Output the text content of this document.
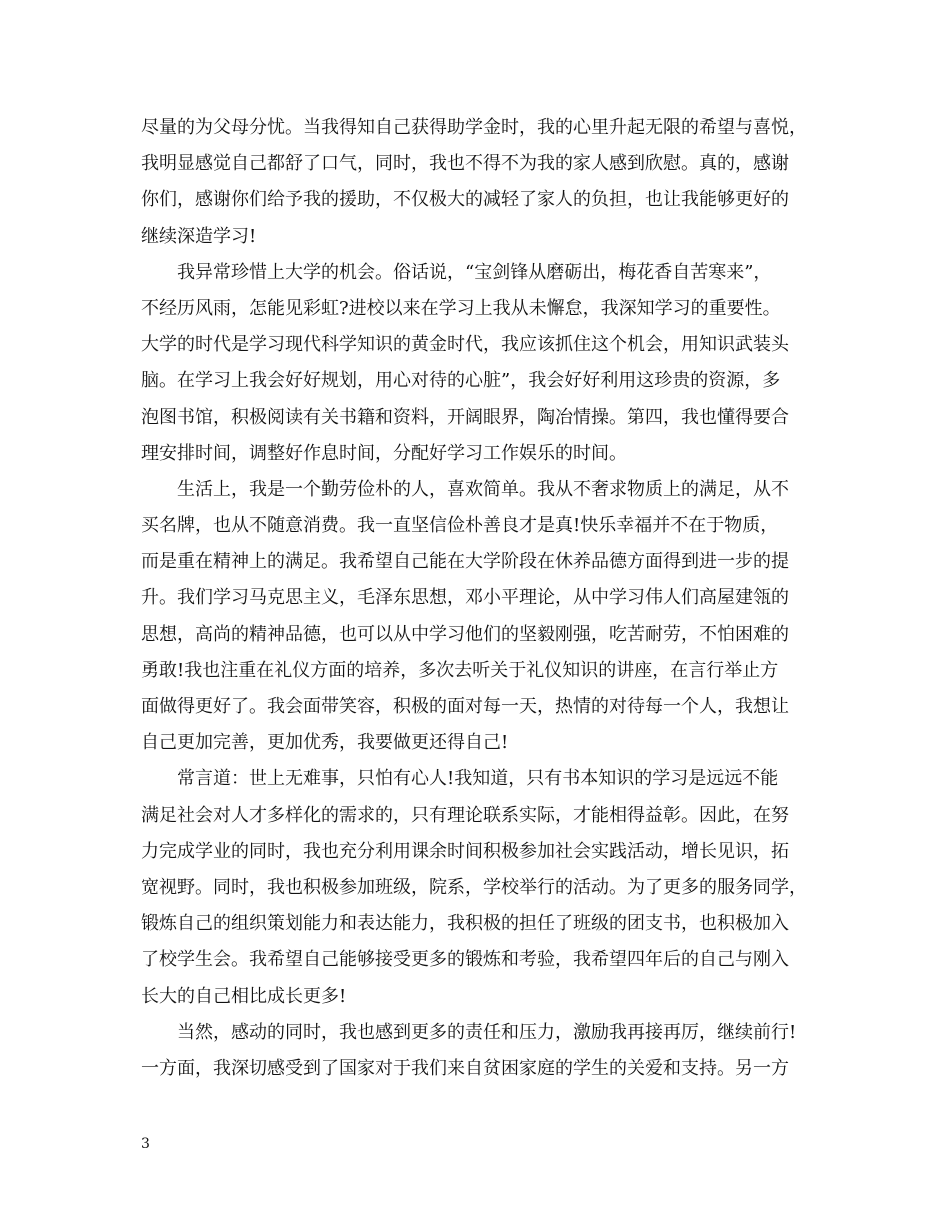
尽量的为父母分忧。当我得知自己获得助学金时，我的心里升起无限的希望与喜悦，
我明显感觉自己都舒了口气，同时，我也不得不为我的家人感到欣慰。真的，感谢
你们，感谢你们给予我的援助，不仅极大的减轻了家人的负担，也让我能够更好的
继续深造学习!
我异常珍惜上大学的机会。俗话说，“宝剑锋从磨砺出，梅花香自苦寒来”，
不经历风雨，怎能见彩虹?进校以来在学习上我从未懈怠，我深知学习的重要性。
大学的时代是学习现代科学知识的黄金时代，我应该抓住这个机会，用知识武装头
脑。在学习上我会好好规划，用心对待的心脏”，我会好好利用这珍贵的资源，多
泡图书馆，积极阅读有关书籍和资料，开阔眼界，陶冶情操。第四，我也懂得要合
理安排时间，调整好作息时间，分配好学习工作娱乐的时间。
生活上，我是一个勤劳俭朴的人，喜欢简单。我从不奢求物质上的满足，从不
买名牌，也从不随意消费。我一直坚信俭朴善良才是真!快乐幸福并不在于物质，
而是重在精神上的满足。我希望自己能在大学阶段在休养品德方面得到进一步的提
升。我们学习马克思主义，毛泽东思想，邓小平理论，从中学习伟人们高屋建瓴的
思想，高尚的精神品德，也可以从中学习他们的坚毅刚强，吃苦耐劳，不怕困难的
勇敢!我也注重在礼仪方面的培养，多次去听关于礼仪知识的讲座，在言行举止方
面做得更好了。我会面带笑容，积极的面对每一天，热情的对待每一个人，我想让
自己更加完善，更加优秀，我要做更还得自己!
常言道：世上无难事，只怕有心人!我知道，只有书本知识的学习是远远不能
满足社会对人才多样化的需求的，只有理论联系实际，才能相得益彰。因此，在努
力完成学业的同时，我也充分利用课余时间积极参加社会实践活动，增长见识，拓
宽视野。同时，我也积极参加班级，院系，学校举行的活动。为了更多的服务同学，
锻炼自己的组织策划能力和表达能力，我积极的担任了班级的团支书，也积极加入
了校学生会。我希望自己能够接受更多的锻炼和考验，我希望四年后的自己与刚入
长大的自己相比成长更多!
当然，感动的同时，我也感到更多的责任和压力，激励我再接再厉，继续前行!
一方面，我深切感受到了国家对于我们来自贫困家庭的学生的关爱和支持。另一方
3
